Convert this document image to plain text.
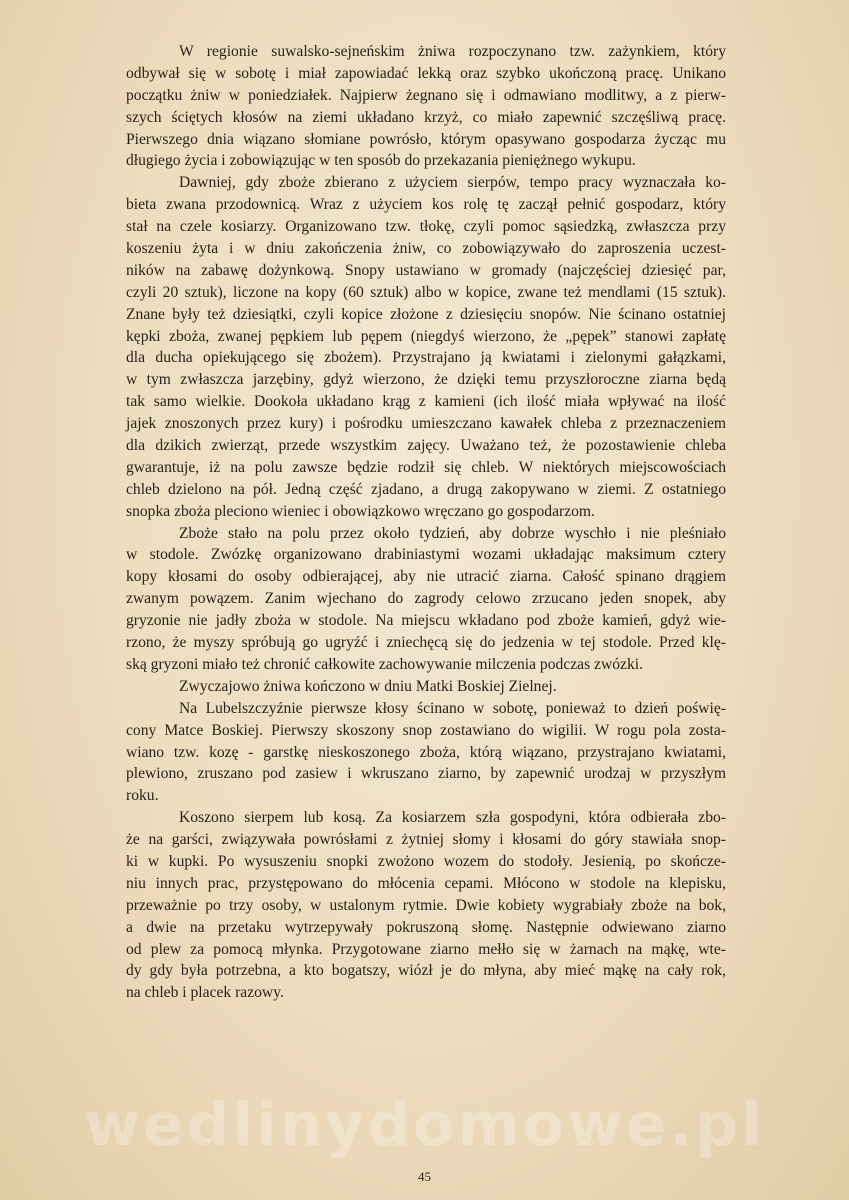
W regionie suwalsko-sejneńskim żniwa rozpoczynano tzw. zażynkiem, który
odbywał się w sobotę i miał zapowiadać lekką oraz szybko ukończoną pracę. Unikano
początku żniw w poniedziałek. Najpierw żegnano się i odmawiano modlitwy, a z pierw-
szych ściętych kłosów na ziemi układano krzyż, co miało zapewnić szczęśliwą pracę.
Pierwszego dnia wiązano słomiane powrósło, którym opasywano gospodarza życząc mu
długiego życia i zobowiązując w ten sposób do przekazania pieniężnego wykupu.
Dawniej, gdy zboże zbierano z użyciem sierpów, tempo pracy wyznaczała ko-
bieta zwana przodownicą. Wraz z użyciem kos rolę tę zaczął pełnić gospodarz, który
stał na czele kosiarzy. Organizowano tzw. tłokę, czyli pomoc sąsiedzką, zwłaszcza przy
koszeniu żyta i w dniu zakończenia żniw, co zobowiązywało do zaproszenia uczest-
ników na zabawę dożynkową. Snopy ustawiano w gromady (najczęściej dziesięć par,
czyli 20 sztuk), liczone na kopy (60 sztuk) albo w kopice, zwane też mendlami (15 sztuk).
Znane były też dziesiątki, czyli kopice złożone z dziesięciu snopów. Nie ścinano ostatniej
kępki zboża, zwanej pępkiem lub pępem (niegdyś wierzono, że „pępek” stanowi zapłatę
dla ducha opiekującego się zbożem). Przystrajano ją kwiatami i zielonymi gałązkami,
w tym zwłaszcza jarzębiny, gdyż wierzono, że dzięki temu przyszłoroczne ziarna będą
tak samo wielkie. Dookoła układano krąg z kamieni (ich ilość miała wpływać na ilość
jajek znoszonych przez kury) i pośrodku umieszczano kawałek chleba z przeznaczeniem
dla dzikich zwierząt, przede wszystkim zajęcy. Uważano też, że pozostawienie chleba
gwarantuje, iż na polu zawsze będzie rodził się chleb. W niektórych miejscowościach
chleb dzielono na pół. Jedną część zjadano, a drugą zakopywano w ziemi. Z ostatniego
snopka zboża pleciono wieniec i obowiązkowo wręczano go gospodarzom.
Zboże stało na polu przez około tydzień, aby dobrze wyschło i nie pleśniało
w stodole. Zwózkę organizowano drabiniastymi wozami układając maksimum cztery
kopy kłosami do osoby odbierającej, aby nie utracić ziarna. Całość spinano drągiem
zwanym powązem. Zanim wjechano do zagrody celowo zrzucano jeden snopek, aby
gryzonie nie jadły zboża w stodole. Na miejscu wkładano pod zboże kamień, gdyż wie-
rzono, że myszy spróbują go ugryźć i zniechęcą się do jedzenia w tej stodole. Przed klę-
ską gryzoni miało też chronić całkowite zachowywanie milczenia podczas zwózki.
Zwyczajowo żniwa kończono w dniu Matki Boskiej Zielnej.
Na Lubelszczyźnie pierwsze kłosy ścinano w sobotę, ponieważ to dzień poświę-
cony Matce Boskiej. Pierwszy skoszony snop zostawiano do wigilii. W rogu pola zosta-
wiano tzw. kozę - garstkę nieskoszonego zboża, którą wiązano, przystrajano kwiatami,
plewiono, zruszano pod zasiew i wkruszano ziarno, by zapewnić urodzaj w przyszłym
roku.
Koszono sierpem lub kosą. Za kosiarzem szła gospodyni, która odbierała zbo-
że na garści, związywała powrósłami z żytniej słomy i kłosami do góry stawiała snop-
ki w kupki. Po wysuszeniu snopki zwożono wozem do stodoły. Jesienią, po skończe-
niu innych prac, przystępowano do młócenia cepami. Młócono w stodole na klepisku,
przeważnie po trzy osoby, w ustalonym rytmie. Dwie kobiety wygrabiały zboże na bok,
a dwie na przetaku wytrzepywały pokruszoną słomę. Następnie odwiewano ziarno
od plew za pomocą młynka. Przygotowane ziarno mełło się w żarnach na mąkę, wte-
dy gdy była potrzebna, a kto bogatszy, wiózł je do młyna, aby mieć mąkę na cały rok,
na chleb i placek razowy.
wedlinydomowe.pl
45
